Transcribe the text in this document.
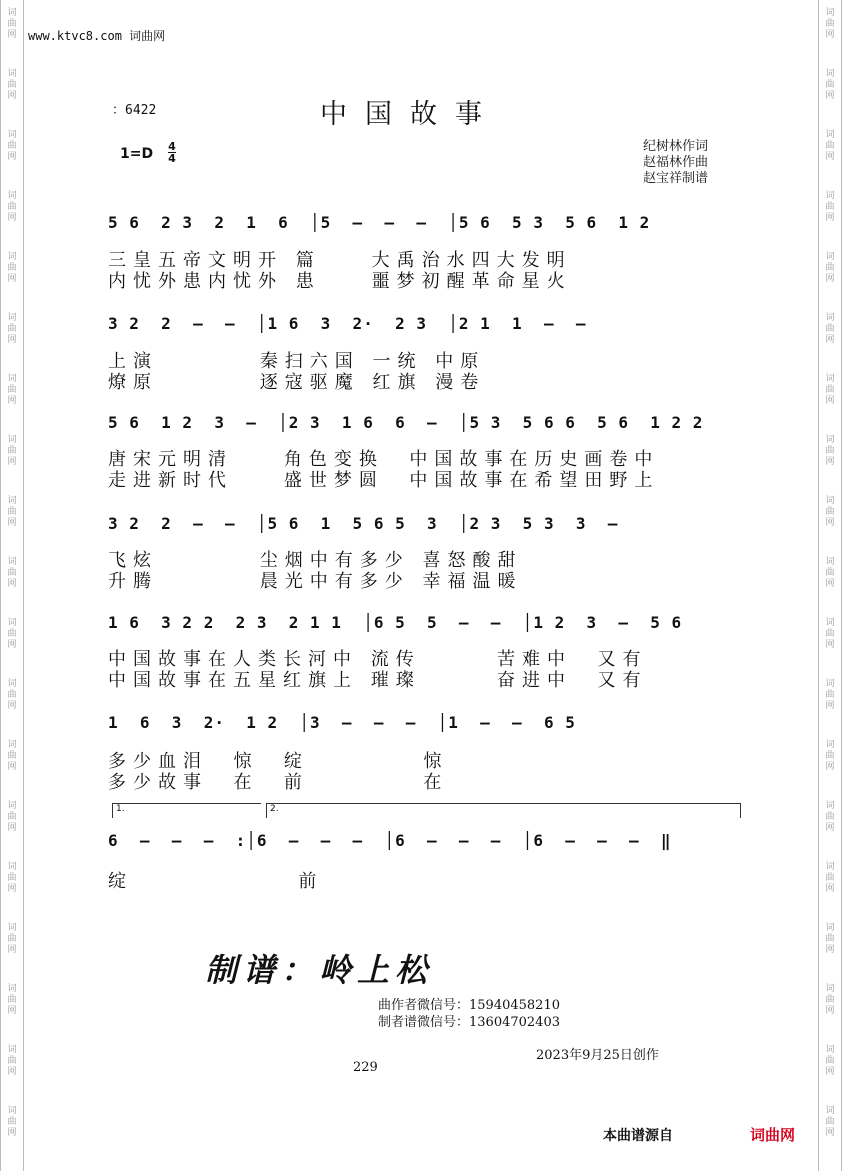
词
曲
网
词
曲
网
词
曲
网
词
曲
网
词
曲
网
词
曲
网
词
曲
网
词
曲
网
词
曲
网
词
曲
网
词
曲
网
词
曲
网
词
曲
网
词
曲
网
词
曲
网
词
曲
网
词
曲
网
词
曲
网
词
曲
网
词
曲
网
词
曲
网
词
曲
网
词
曲
网
词
曲
网
词
曲
网
词
曲
网
词
曲
网
词
曲
网
词
曲
网
词
曲
网
词
曲
网
词
曲
网
词
曲
网
词
曲
网
词
曲
网
词
曲
网
词
曲
网
词
曲
网
www.ktvc8.com 词曲网
：6422	中国故事
1=D 4
4
纪树林作词
赵福林作曲
赵宝祥制谱
5 6  2 3  2  1  6  │5  –  –  –  │5 6  5 3  5 6  1 2
三皇五帝文明开 篇    大禹治水四大发明
内忧外患内忧外 患    噩梦初醒革命星火
3 2  2  –  –  │1 6  3  2·  2 3  │2 1  1  –  –
上演        秦扫六国 一统 中原
燎原        逐寇驱魔 红旗 漫卷
5 6  1 2  3  –  │2 3  1 6  6  –  │5 3  5 6 6  5 6  1 2 2
唐宋元明清    角色变换  中国故事在历史画卷中
走进新时代    盛世梦圆  中国故事在希望田野上
3 2  2  –  –  │5 6  1  5 6 5  3  │2 3  5 3  3  –
飞炫        尘烟中有多少 喜怒酸甜
升腾        晨光中有多少 幸福温暖
1 6  3 2 2  2 3  2 1 1  │6 5  5  –  –  │1 2  3  –  5 6
中国故事在人类长河中 流传      苦难中  又有
中国故事在五星红旗上 璀璨      奋进中  又有
1  6  3  2·  1 2  │3  –  –  –  │1  –  –  6 5
多少血泪  惊  绽         惊
多少故事  在  前         在
1.	2.
6  –  –  –  :│6  –  –  –  │6  –  –  –  │6  –  –  –  ‖
绽             前
制谱：岭上松
曲作者微信号：15940458210
制者谱微信号：13604702403
2023年9月25日创作
229
本曲谱源自	词曲网
